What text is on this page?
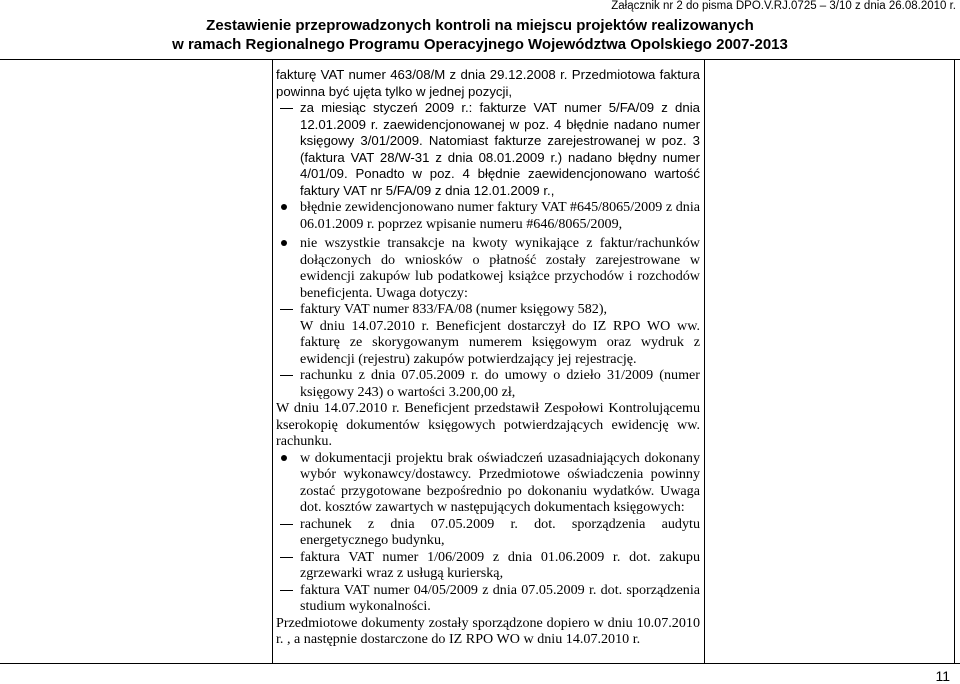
Załącznik nr 2 do pisma DPO.V.RJ.0725 – 3/10 z dnia 26.08.2010 r.
Zestawienie przeprowadzonych kontroli na miejscu projektów realizowanych
w ramach Regionalnego Programu Operacyjnego Województwa Opolskiego 2007-2013

fakturę VAT numer 463/08/M z dnia 29.12.2008 r. Przedmiotowa faktura powinna być ujęta tylko w jednej pozycji,

za miesiąc styczeń 2009 r.: fakturze VAT numer 5/FA/09 z dnia 12.01.2009 r. zaewidencjonowanej w poz. 4 błędnie nadano numer księgowy 3/01/2009. Natomiast fakturze zarejestrowanej w poz. 3 (faktura VAT 28/W-31 z dnia 08.01.2009 r.) nadano błędny numer 4/01/09. Ponadto w poz. 4 błędnie zaewidencjonowano wartość faktury VAT nr 5/FA/09 z dnia 12.01.2009 r.,
błędnie zewidencjonowano numer faktury VAT #645/8065/2009 z dnia 06.01.2009 r. poprzez wpisanie numeru #646/8065/2009,
nie wszystkie transakcje na kwoty wynikające z faktur/rachunków dołączonych do wniosków o płatność zostały zarejestrowane w ewidencji zakupów lub podatkowej książce przychodów i rozchodów beneficjenta. Uwaga dotyczy:
faktury VAT numer 833/FA/08 (numer księgowy 582),

W dniu 14.07.2010 r. Beneficjent dostarczył do IZ RPO WO ww. fakturę ze skorygowanym numerem księgowym oraz wydruk z ewidencji (rejestru) zakupów potwierdzający jej rejestrację.

rachunku z dnia 07.05.2009 r. do umowy o dzieło 31/2009 (numer księgowy 243) o wartości 3.200,00 zł,

W dniu 14.07.2010 r. Beneficjent przedstawił Zespołowi Kontrolującemu kserokopię dokumentów księgowych potwierdzających ewidencję ww. rachunku.

w dokumentacji projektu brak oświadczeń uzasadniających dokonany wybór wykonawcy/dostawcy. Przedmiotowe oświadczenia powinny zostać przygotowane bezpośrednio po dokonaniu wydatków. Uwaga dot. kosztów zawartych w następujących dokumentach księgowych:
rachunek z dnia 07.05.2009 r. dot. sporządzenia audytu energetycznego budynku,
faktura VAT numer 1/06/2009 z dnia 01.06.2009 r. dot. zakupu zgrzewarki wraz z usługą kurierską,
faktura VAT numer 04/05/2009 z dnia 07.05.2009 r. dot. sporządzenia studium wykonalności.

Przedmiotowe dokumenty zostały sporządzone dopiero w dniu 10.07.2010 r. , a następnie dostarczone do IZ RPO WO w dniu 14.07.2010 r.

11
